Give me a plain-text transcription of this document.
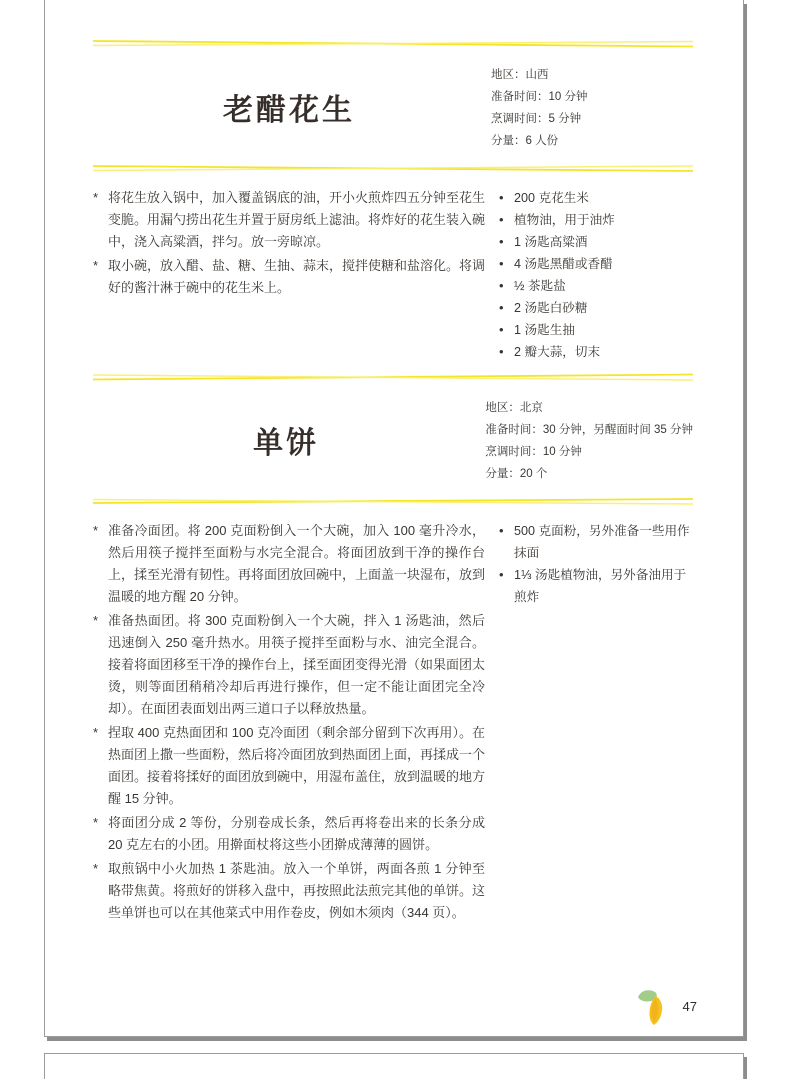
老醋花生
地区：山西
准备时间：10 分钟
烹调时间：5 分钟
分量：6 人份
* 将花生放入锅中，加入覆盖锅底的油，开小火煎炸四五分钟至花生变脆。用漏勺捞出花生并置于厨房纸上滤油。将炸好的花生装入碗中，浇入高粱酒，拌匀。放一旁晾凉。
* 取小碗，放入醋、盐、糖、生抽、蒜末，搅拌使糖和盐溶化。将调好的酱汁淋于碗中的花生米上。
• 200 克花生米
• 植物油，用于油炸
• 1 汤匙高粱酒
• 4 汤匙黑醋或香醋
• ½ 茶匙盐
• 2 汤匙白砂糖
• 1 汤匙生抽
• 2 瓣大蒜，切末
单饼
地区：北京
准备时间：30 分钟，另醒面时间 35 分钟
烹调时间：10 分钟
分量：20 个
* 准备冷面团。将 200 克面粉倒入一个大碗，加入 100 毫升冷水，然后用筷子搅拌至面粉与水完全混合。将面团放到干净的操作台上，揉至光滑有韧性。再将面团放回碗中，上面盖一块湿布，放到温暖的地方醒 20 分钟。
* 准备热面团。将 300 克面粉倒入一个大碗，拌入 1 汤匙油，然后迅速倒入 250 毫升热水。用筷子搅拌至面粉与水、油完全混合。接着将面团移至干净的操作台上，揉至面团变得光滑（如果面团太烫，则等面团稍稍冷却后再进行操作，但一定不能让面团完全冷却）。在面团表面划出两三道口子以释放热量。
* 捏取 400 克热面团和 100 克冷面团（剩余部分留到下次再用）。在热面团上撒一些面粉，然后将冷面团放到热面团上面，再揉成一个面团。接着将揉好的面团放到碗中，用湿布盖住，放到温暖的地方醒 15 分钟。
* 将面团分成 2 等份，分别卷成长条，然后再将卷出来的长条分成 20 克左右的小团。用擀面杖将这些小团擀成薄薄的圆饼。
* 取煎锅中小火加热 1 茶匙油。放入一个单饼，两面各煎 1 分钟至略带焦黄。将煎好的饼移入盘中，再按照此法煎完其他的单饼。这些单饼也可以在其他菜式中用作卷皮，例如木须肉（344 页）。
• 500 克面粉，另外准备一些用作抹面
• 1⅓ 汤匙植物油，另外备油用于煎炸
47
